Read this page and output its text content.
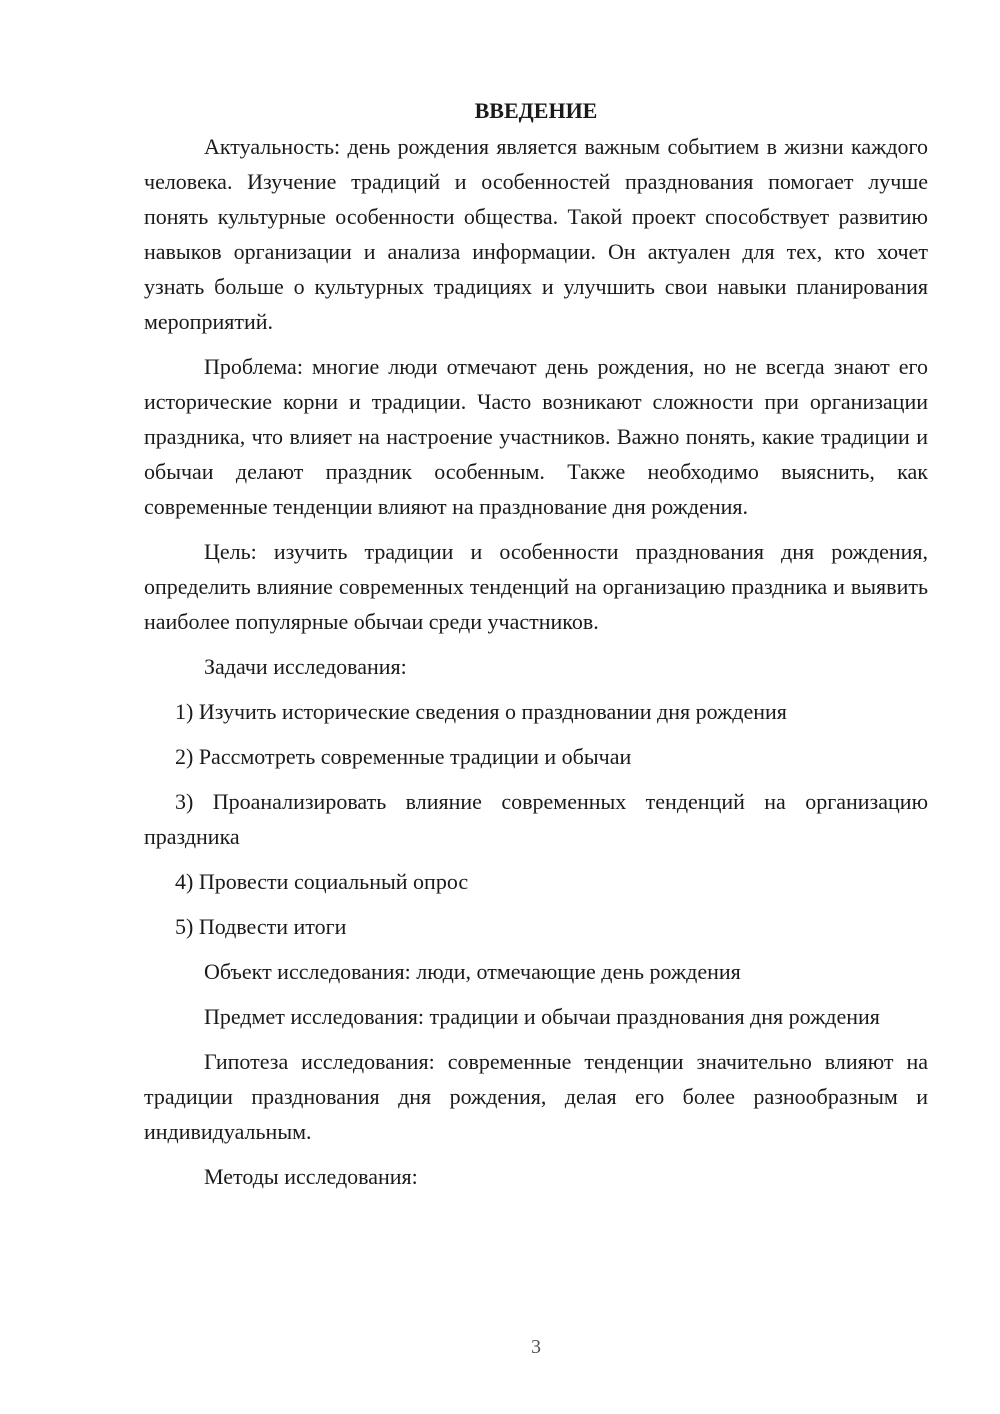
ВВЕДЕНИЕ

Актуальность: день рождения является важным событием в жизни каждого человека. Изучение традиций и особенностей празднования помогает лучше понять культурные особенности общества. Такой проект способствует развитию навыков организации и анализа информации. Он актуален для тех, кто хочет узнать больше о культурных традициях и улучшить свои навыки планирования мероприятий.

Проблема: многие люди отмечают день рождения, но не всегда знают его исторические корни и традиции. Часто возникают сложности при организации праздника, что влияет на настроение участников. Важно понять, какие традиции и обычаи делают праздник особенным. Также необходимо выяснить, как современные тенденции влияют на празднование дня рождения.

Цель: изучить традиции и особенности празднования дня рождения, определить влияние современных тенденций на организацию праздника и выявить наиболее популярные обычаи среди участников.

Задачи исследования:

1) Изучить исторические сведения о праздновании дня рождения

2) Рассмотреть современные традиции и обычаи

3) Проанализировать влияние современных тенденций на организацию праздника

4) Провести социальный опрос

5) Подвести итоги

Объект исследования: люди, отмечающие день рождения

Предмет исследования: традиции и обычаи празднования дня рождения

Гипотеза исследования: современные тенденции значительно влияют на традиции празднования дня рождения, делая его более разнообразным и индивидуальным.

Методы исследования:

3
